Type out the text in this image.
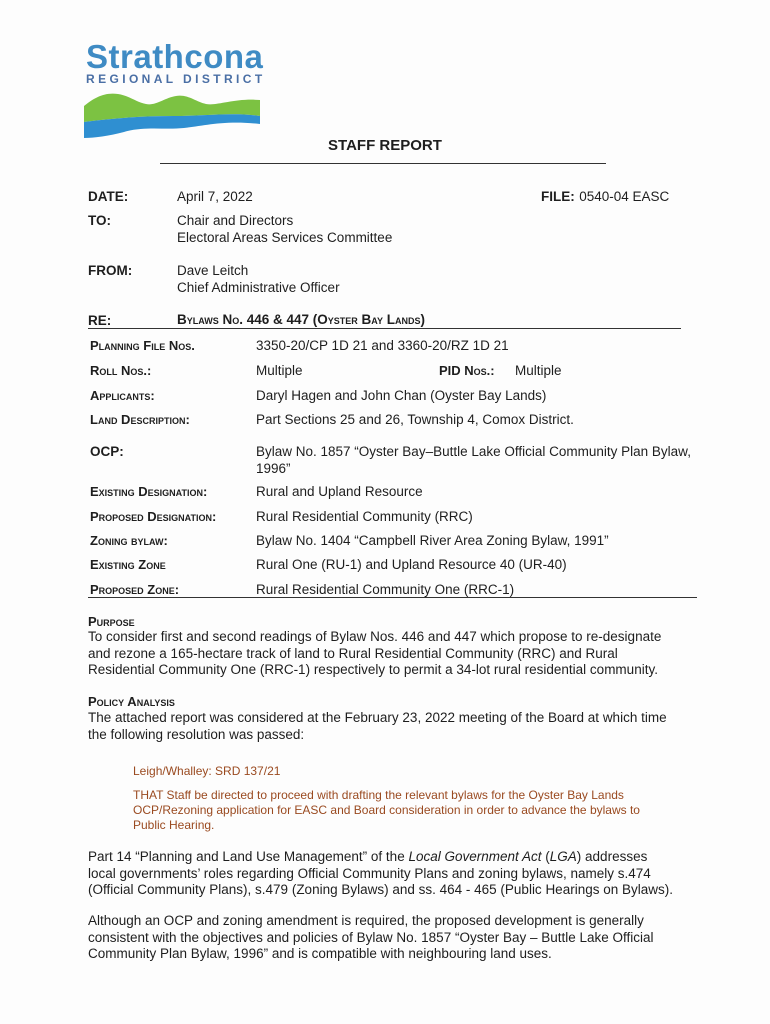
Strathcona
REGIONAL DISTRICT
STAFF REPORT
DATE:	April 7, 2022	FILE: 0540-04 EASC
TO:	Chair and Directors
Electoral Areas Services Committee
FROM:	Dave Leitch
Chief Administrative Officer
RE:	Bylaws No. 446 & 447 (Oyster Bay Lands)
Planning File Nos.	3350-20/CP 1D 21 and 3360-20/RZ 1D 21
Roll Nos.:	Multiple	PID Nos.: Multiple
Applicants:	Daryl Hagen and John Chan (Oyster Bay Lands)
Land Description:	Part Sections 25 and 26, Township 4, Comox District.
OCP:	Bylaw No. 1857 “Oyster Bay–Buttle Lake Official Community Plan Bylaw,
1996”
Existing Designation:	Rural and Upland Resource
Proposed Designation:	Rural Residential Community (RRC)
Zoning bylaw:	Bylaw No. 1404 “Campbell River Area Zoning Bylaw, 1991”
Existing Zone	Rural One (RU-1) and Upland Resource 40 (UR-40)
Proposed Zone:	Rural Residential Community One (RRC-1)
Purpose
To consider first and second readings of Bylaw Nos. 446 and 447 which propose to re-designate
and rezone a 165-hectare track of land to Rural Residential Community (RRC) and Rural
Residential Community One (RRC-1) respectively to permit a 34-lot rural residential community.
Policy Analysis
The attached report was considered at the February 23, 2022 meeting of the Board at which time
the following resolution was passed:
Leigh/Whalley: SRD 137/21
THAT Staff be directed to proceed with drafting the relevant bylaws for the Oyster Bay Lands
OCP/Rezoning application for EASC and Board consideration in order to advance the bylaws to
Public Hearing.
Part 14 “Planning and Land Use Management” of the Local Government Act (LGA) addresses
local governments’ roles regarding Official Community Plans and zoning bylaws, namely s.474
(Official Community Plans), s.479 (Zoning Bylaws) and ss. 464 - 465 (Public Hearings on Bylaws).
Although an OCP and zoning amendment is required, the proposed development is generally
consistent with the objectives and policies of Bylaw No. 1857 “Oyster Bay – Buttle Lake Official
Community Plan Bylaw, 1996” and is compatible with neighbouring land uses.
